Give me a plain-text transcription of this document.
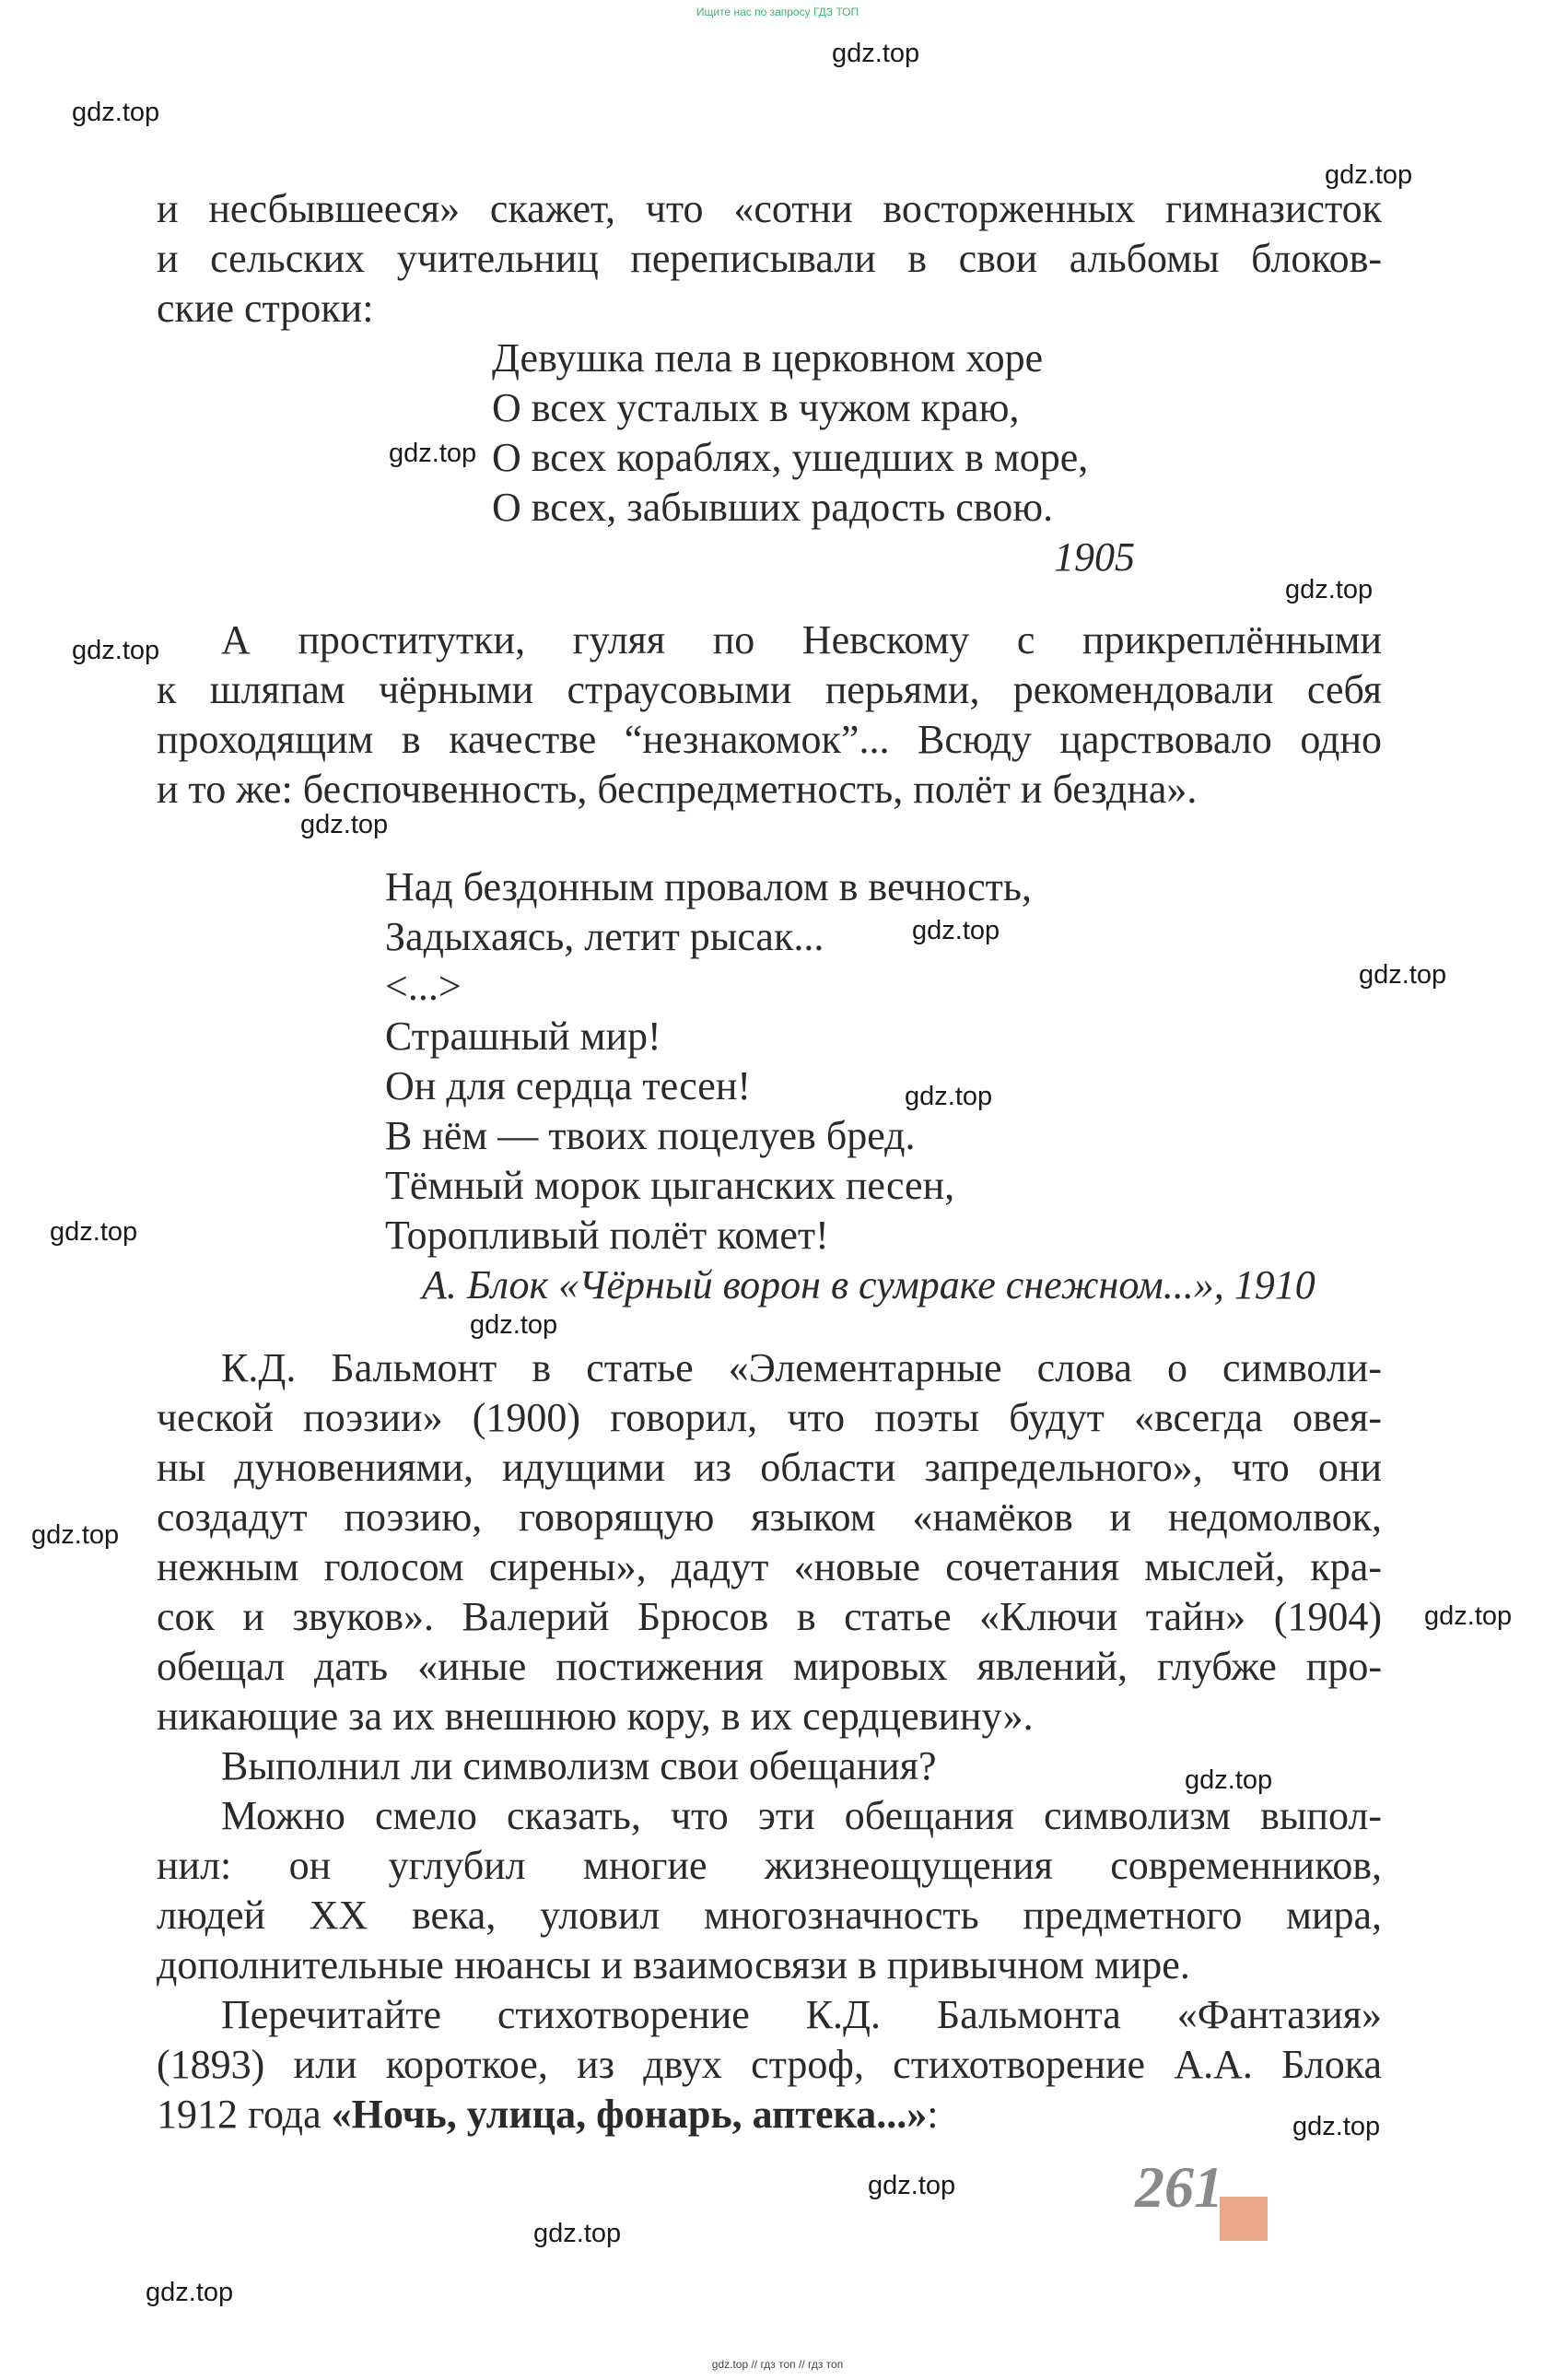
Ищите нас по запросу ГДЗ ТОП
gdz.top
gdz.top
gdz.top
gdz.top
gdz.top
gdz.top
gdz.top
gdz.top
gdz.top
gdz.top
gdz.top
gdz.top
gdz.top
gdz.top
gdz.top
gdz.top
gdz.top
gdz.top
gdz.top
и несбывшееся» скажет, что «сотни восторженных гимназисток
и сельских учительниц переписывали в свои альбомы блоков-
ские строки:
Девушка пела в церковном хоре
О всех усталых в чужом краю,
О всех кораблях, ушедших в море,
О всех, забывших радость свою.
1905
А проститутки, гуляя по Невскому с прикреплёнными
к шляпам чёрными страусовыми перьями, рекомендовали себя
проходящим в качестве “незнакомок”... Всюду царствовало одно
и то же: беспочвенность, беспредметность, полёт и бездна».
Над бездонным провалом в вечность,
Задыхаясь, летит рысак...
<...>
Страшный мир!
Он для сердца тесен!
В нём — твоих поцелуев бред.
Тёмный морок цыганских песен,
Торопливый полёт комет!
А. Блок «Чёрный ворон в сумраке снежном...», 1910
К.Д. Бальмонт в статье «Элементарные слова о символи-
ческой поэзии» (1900) говорил, что поэты будут «всегда овея-
ны дуновениями, идущими из области запредельного», что они
создадут поэзию, говорящую языком «намёков и недомолвок,
нежным голосом сирены», дадут «новые сочетания мыслей, кра-
сок и звуков». Валерий Брюсов в статье «Ключи тайн» (1904)
обещал дать «иные постижения мировых явлений, глубже про-
никающие за их внешнюю кору, в их сердцевину».
Выполнил ли символизм свои обещания?
Можно смело сказать, что эти обещания символизм выпол-
нил: он углубил многие жизнеощущения современников,
людей XX века, уловил многозначность предметного мира,
дополнительные нюансы и взаимосвязи в привычном мире.
Перечитайте стихотворение К.Д. Бальмонта «Фантазия»
(1893) или короткое, из двух строф, стихотворение А.А. Блока
1912 года «Ночь, улица, фонарь, аптека...»:
261
gdz.top // гдз топ // гдз топ
